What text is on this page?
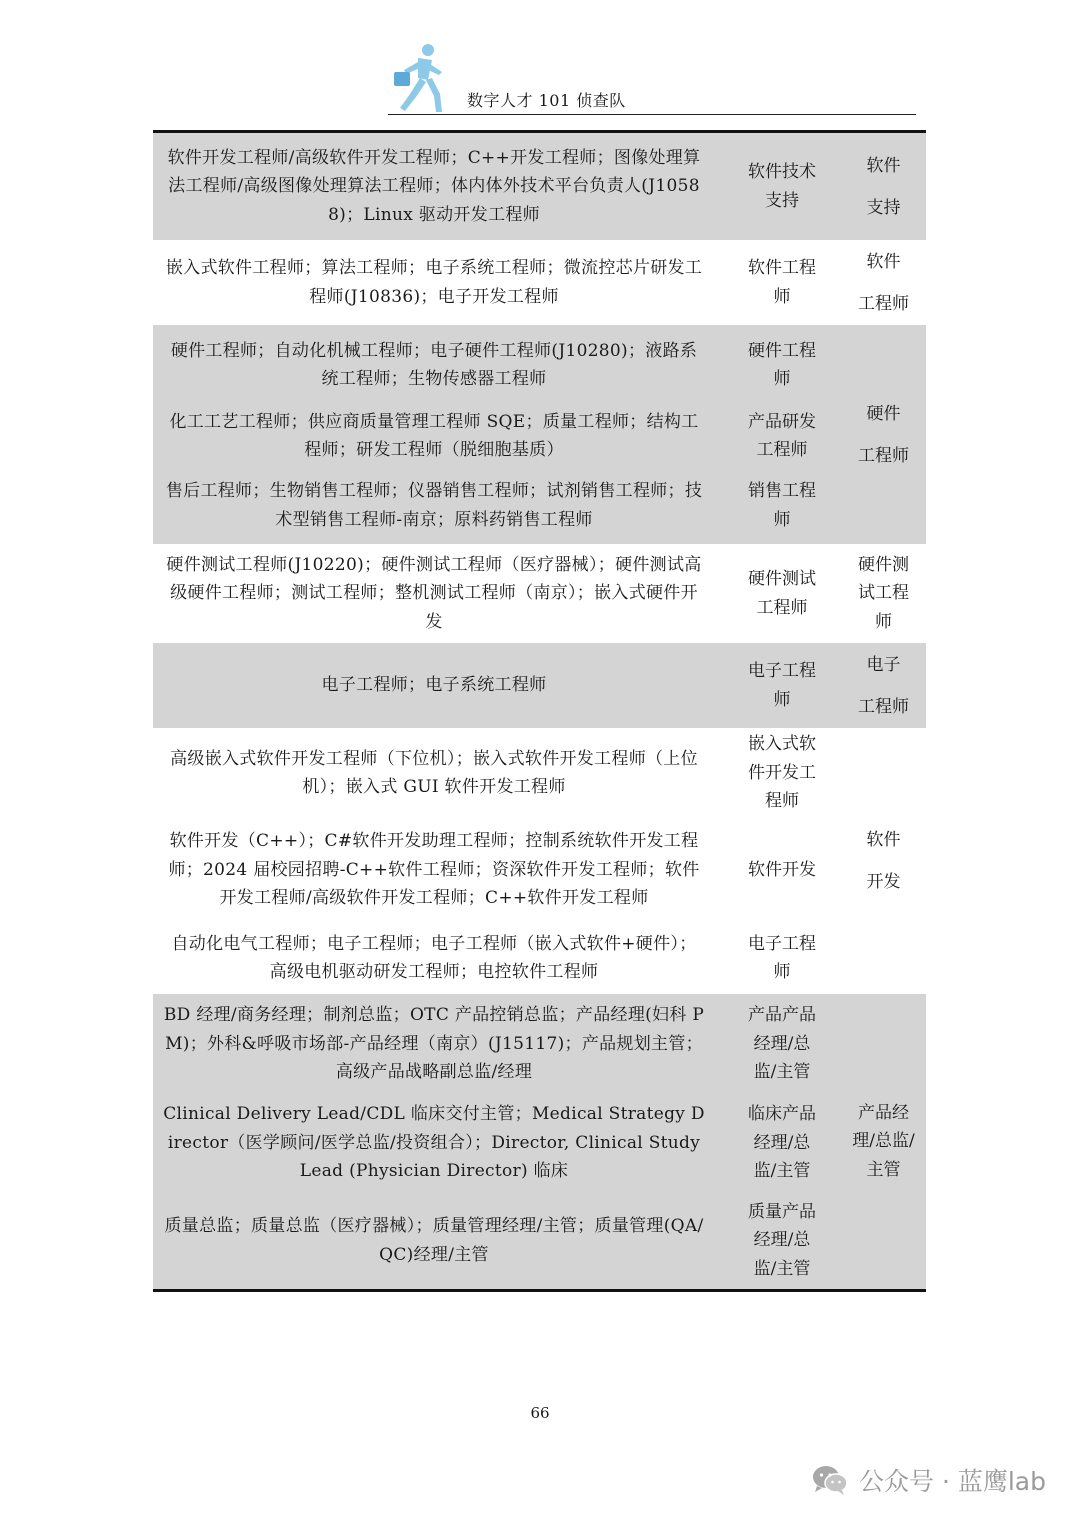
数字人才 101 侦查队
软件开发工程师/高级软件开发工程师；C++开发工程师；图像处理算法工程师/高级图像处理算法工程师；体内体外技术平台负责人(J10588)；Linux 驱动开发工程师
软件技术支持
软件
支持
嵌入式软件工程师；算法工程师；电子系统工程师；微流控芯片研发工程师(J10836)；电子开发工程师
软件工程师
软件
工程师
硬件工程师；自动化机械工程师；电子硬件工程师(J10280)；液路系统工程师；生物传感器工程师
硬件工程师
化工工艺工程师；供应商质量管理工程师 SQE；质量工程师；结构工程师；研发工程师（脱细胞基质）
产品研发工程师
售后工程师；生物销售工程师；仪器销售工程师；试剂销售工程师；技术型销售工程师-南京；原料药销售工程师
销售工程师
硬件
工程师
硬件测试工程师(J10220)；硬件测试工程师（医疗器械）；硬件测试高级硬件工程师；测试工程师；整机测试工程师（南京）；嵌入式硬件开发
硬件测试工程师
硬件测试工程师
电子工程师；电子系统工程师
电子工程师
电子
工程师
高级嵌入式软件开发工程师（下位机）；嵌入式软件开发工程师（上位机）；嵌入式 GUI 软件开发工程师
嵌入式软件开发工程师
软件开发（C++）；C#软件开发助理工程师；控制系统软件开发工程师；2024 届校园招聘-C++软件工程师；资深软件开发工程师；软件开发工程师/高级软件开发工程师；C++软件开发工程师
软件开发
自动化电气工程师；电子工程师；电子工程师（嵌入式软件+硬件）；高级电机驱动研发工程师；电控软件工程师
电子工程师
软件
开发
BD 经理/商务经理；制剂总监；OTC 产品控销总监；产品经理(妇科 PM)；外科&呼吸市场部-产品经理（南京）(J15117)；产品规划主管；高级产品战略副总监/经理
产品产品经理/总监/主管
Clinical Delivery Lead/CDL 临床交付主管；Medical Strategy Director（医学顾问/医学总监/投资组合）；Director, Clinical Study Lead (Physician Director) 临床
临床产品经理/总监/主管
质量总监；质量总监（医疗器械）；质量管理经理/主管；质量管理(QA/QC)经理/主管
质量产品经理/总监/主管
产品经理/总监/主管
66
公众号 · 蓝鹰lab
